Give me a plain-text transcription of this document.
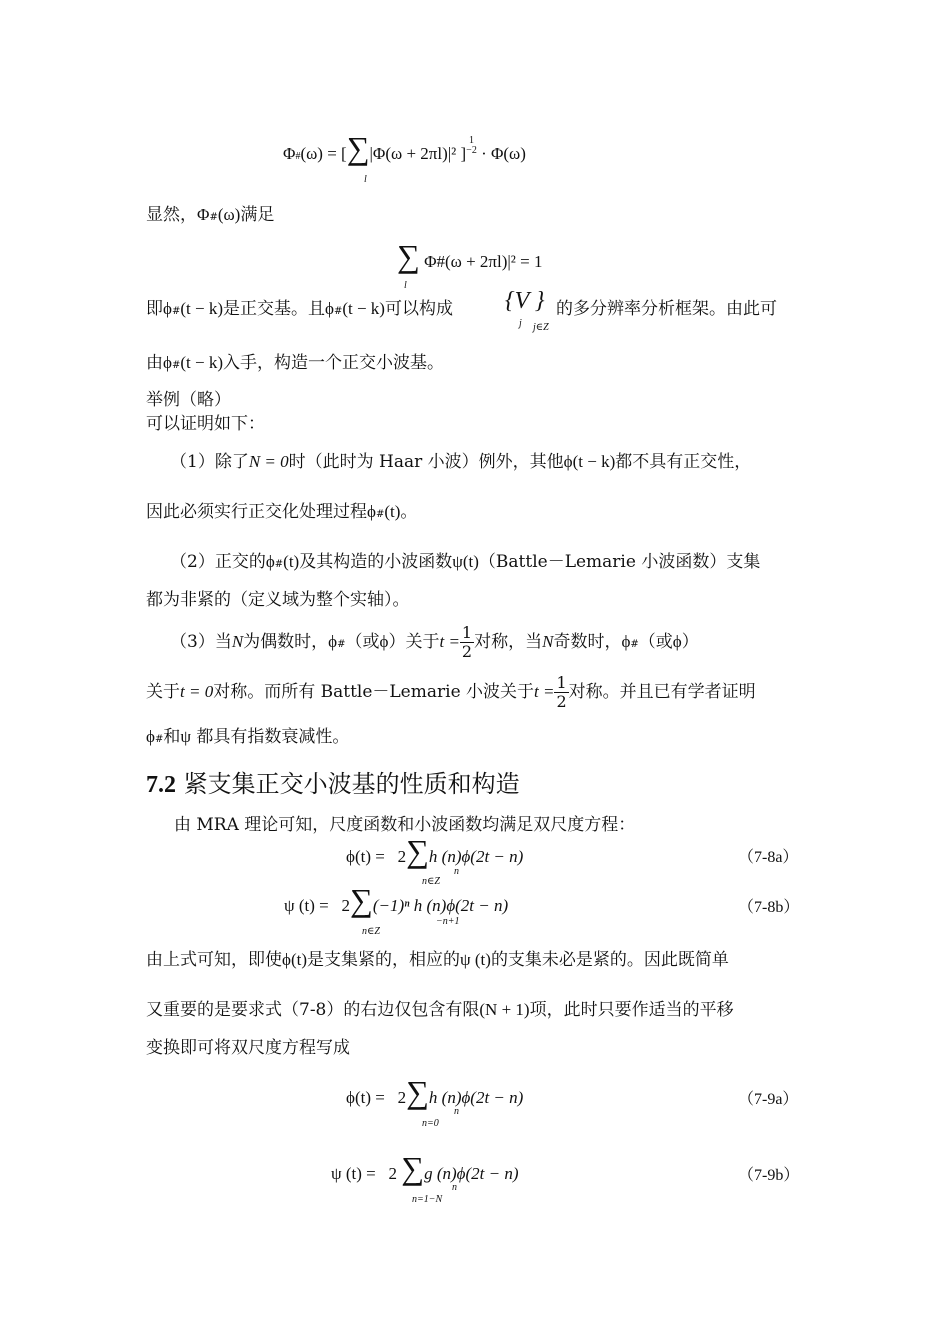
Φ#(ω) = [∑|Φ(ω + 2πl)|² ]
1
−2 · Φ(ω)
l
显然，Φ#(ω)满足
∑ Φ#(ω + 2πl)|² = 1
l
即ϕ#(t − k)是正交基。且ϕ#(t − k)可以构成 {V }
j j∈Z
的多分辨率分析框架。由此可
由ϕ#(t − k)入手，构造一个正交小波基。
举例（略）
可以证明如下：
（1）除了N = 0时（此时为 Haar 小波）例外，其他ϕ(t − k)都不具有正交性，
因此必须实行正交化处理过程ϕ#(t)。
（2）正交的ϕ#(t)及其构造的小波函数ψ(t)（Battle－Lemarie 小波函数）支集
都为非紧的（定义域为整个实轴）。
（3）当N为偶数时，ϕ#（或ϕ）关于$t = \frac{1}{2}$ 对称，当N奇数时，ϕ#（或ϕ）
关于t = 0对称。而所有 Battle－Lemarie 小波关于$t = \frac{1}{2}$ 对称。并且已有学者证明
ϕ#和ψ 都具有指数衰减性。
7.2 紧支集正交小波基的性质和构造
由 MRA 理论可知，尺度函数和小波函数均满足双尺度方程：
ϕ(t) = 2∑h (n)ϕ(2t − n)
n
n∈Z
（7-8a）
ψ (t) = 2∑(−1)ⁿ h (n)ϕ(2t − n)
−n+1
n∈Z
（7-8b）
由上式可知，即使ϕ(t)是支集紧的，相应的ψ (t)的支集未必是紧的。因此既简单
又重要的是要求式（7-8）的右边仅包含有限(N + 1)项，此时只要作适当的平移
变换即可将双尺度方程写成
ϕ(t) = 2∑h (n)ϕ(2t − n)
n
n=0
（7-9a）
ψ (t) = 2 ∑g (n)ϕ(2t − n)
n
n=1−N
（7-9b）
